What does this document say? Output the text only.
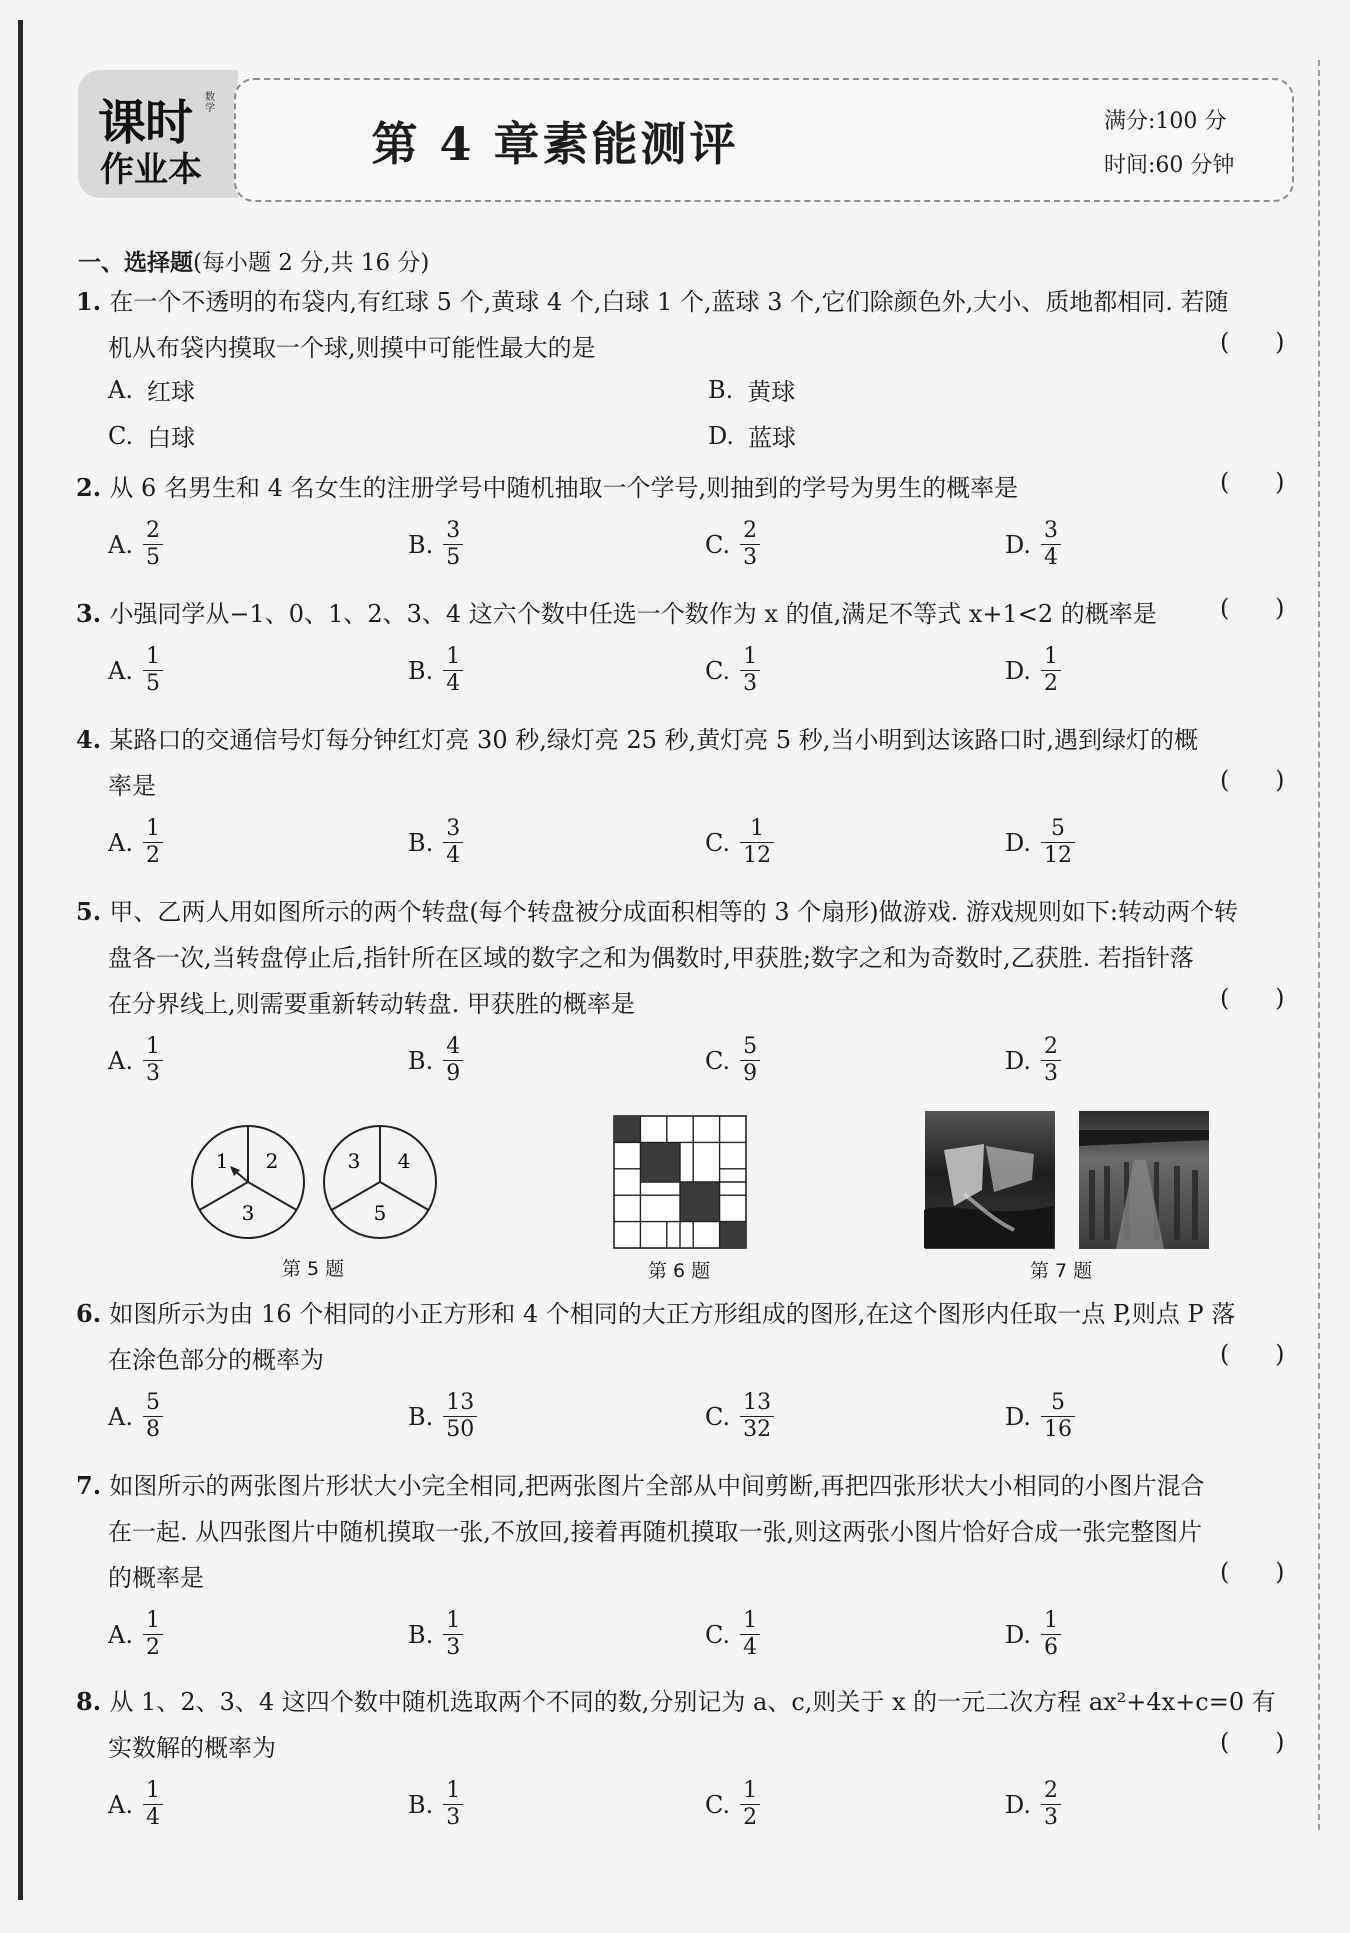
课时
作业本
数学
第 4 章素能测评	满分:100 分
时间:60 分钟
一、选择题(每小题 2 分,共 16 分)
1. 在一个不透明的布袋内,有红球 5 个,黄球 4 个,白球 1 个,蓝球 3 个,它们除颜色外,大小、质地都相同. 若随
机从布袋内摸取一个球,则摸中可能性最大的是	(      )
A. 红球	B. 黄球
C. 白球	D. 蓝球
2. 从 6 名男生和 4 名女生的注册学号中随机抽取一个学号,则抽到的学号为男生的概率是	(      )
A. $\frac{2}{5}$	B. $\frac{3}{5}$	C. $\frac{2}{3}$	D. $\frac{3}{4}$
3. 小强同学从−1、0、1、2、3、4 这六个数中任选一个数作为 x 的值,满足不等式 x+1<2 的概率是	(      )
A. $\frac{1}{5}$	B. $\frac{1}{4}$	C. $\frac{1}{3}$	D. $\frac{1}{2}$
4. 某路口的交通信号灯每分钟红灯亮 30 秒,绿灯亮 25 秒,黄灯亮 5 秒,当小明到达该路口时,遇到绿灯的概
率是	(      )
A. $\frac{1}{2}$	B. $\frac{3}{4}$	C. $\frac{1}{12}$	D. $\frac{5}{12}$
5. 甲、乙两人用如图所示的两个转盘(每个转盘被分成面积相等的 3 个扇形)做游戏. 游戏规则如下:转动两个转
盘各一次,当转盘停止后,指针所在区域的数字之和为偶数时,甲获胜;数字之和为奇数时,乙获胜. 若指针落
在分界线上,则需要重新转动转盘. 甲获胜的概率是	(      )
A. $\frac{1}{3}$	B. $\frac{4}{9}$	C. $\frac{5}{9}$	D. $\frac{2}{3}$
6. 如图所示为由 16 个相同的小正方形和 4 个相同的大正方形组成的图形,在这个图形内任取一点 P,则点 P 落
在涂色部分的概率为	(      )
A. $\frac{5}{8}$	B. $\frac{13}{50}$	C. $\frac{13}{32}$	D. $\frac{5}{16}$
7. 如图所示的两张图片形状大小完全相同,把两张图片全部从中间剪断,再把四张形状大小相同的小图片混合
在一起. 从四张图片中随机摸取一张,不放回,接着再随机摸取一张,则这两张小图片恰好合成一张完整图片
的概率是	(      )
A. $\frac{1}{2}$	B. $\frac{1}{3}$	C. $\frac{1}{4}$	D. $\frac{1}{6}$
8. 从 1、2、3、4 这四个数中随机选取两个不同的数,分别记为 a、c,则关于 x 的一元二次方程 ax²+4x+c=0 有
实数解的概率为	(      )
A. $\frac{1}{4}$	B. $\frac{1}{3}$	C. $\frac{1}{2}$	D. $\frac{2}{3}$
1 2
3
3 4
5
第 5 题	第 6 题	第 7 题
